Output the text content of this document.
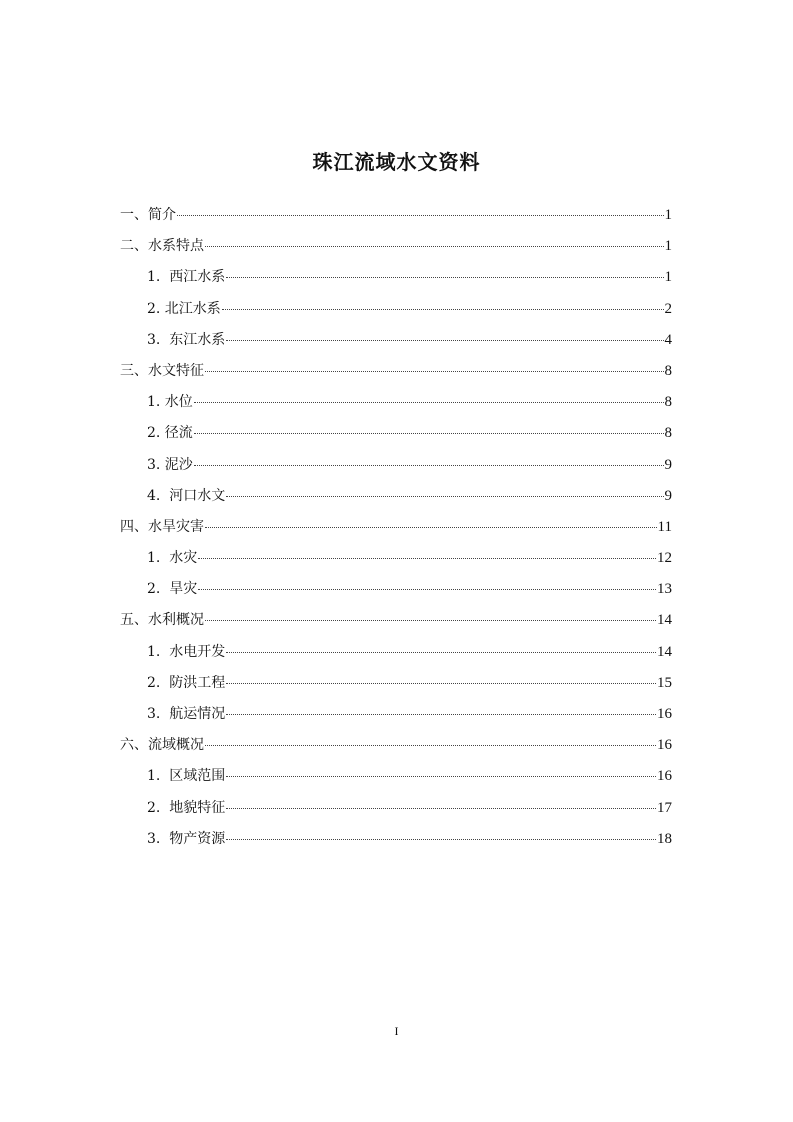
珠江流域水文资料
一、简介	1
二、水系特点	1
1.  西江水系	1
2. 北江水系	2
3.  东江水系	4
三、水文特征	8
1. 水位	8
2. 径流	8
3. 泥沙	9
4.  河口水文	9
四、水旱灾害	11
1.  水灾	12
2.  旱灾	13
五、水利概况	14
1.  水电开发	14
2.  防洪工程	15
3.  航运情况	16
六、流域概况	16
1.  区域范围	16
2.  地貌特征	17
3.  物产资源	18
I
